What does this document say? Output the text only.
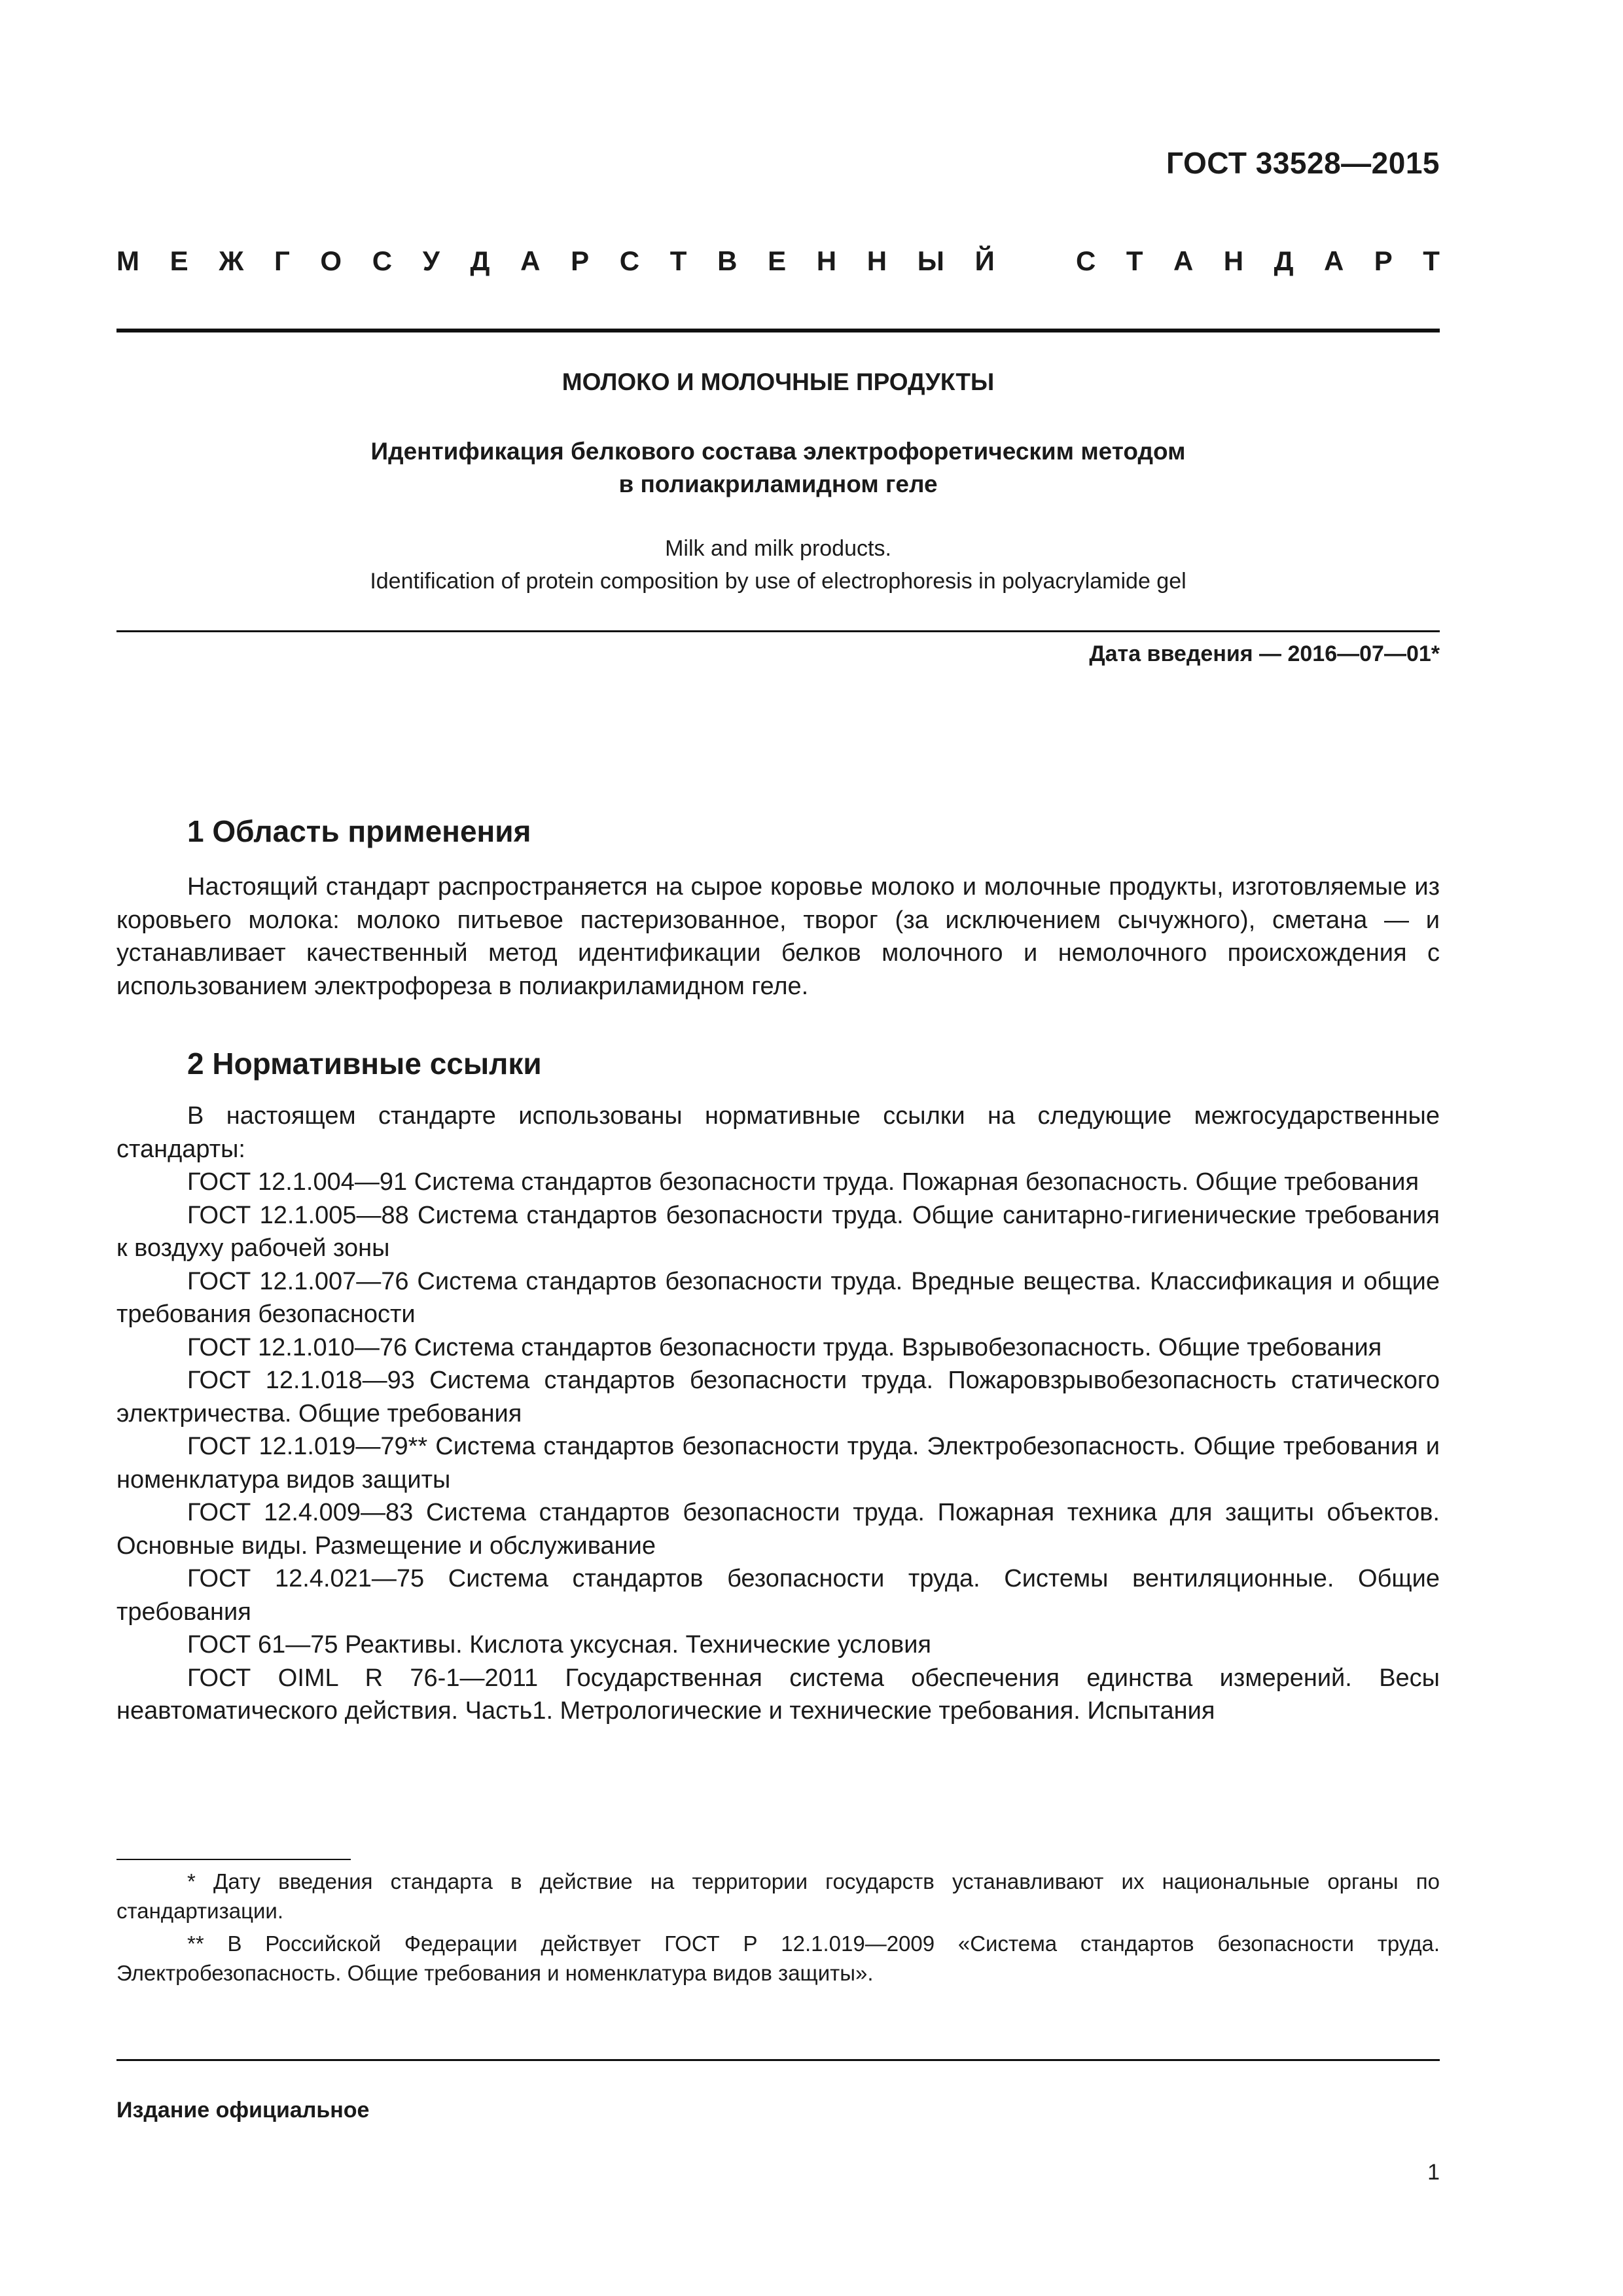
ГОСТ 33528—2015
М Е Ж Г О С У Д А Р С Т В Е Н Н Ы Й	С Т А Н Д А Р Т
МОЛОКО И МОЛОЧНЫЕ ПРОДУКТЫ
Идентификация белкового состава электрофоретическим методом
в полиакриламидном геле
Milk and milk products.
Identification of protein composition by use of electrophoresis in polyacrylamide gel
Дата введения — 2016—07—01*
1 Область применения
Настоящий стандарт распространяется на сырое коровье молоко и молочные продукты, изготовляемые из коровьего молока: молоко питьевое пастеризованное, творог (за исключением сычужного), сметана — и устанавливает качественный метод идентификации белков молочного и немолочного происхождения с использованием электрофореза в полиакриламидном геле.
2 Нормативные ссылки

В настоящем стандарте использованы нормативные ссылки на следующие межгосударственные стандарты:

ГОСТ 12.1.004—91 Система стандартов безопасности труда. Пожарная безопасность. Общие требования

ГОСТ 12.1.005—88 Система стандартов безопасности труда. Общие санитарно-гигиенические требования к воздуху рабочей зоны

ГОСТ 12.1.007—76 Система стандартов безопасности труда. Вредные вещества. Классификация и общие требования безопасности

ГОСТ 12.1.010—76 Система стандартов безопасности труда. Взрывобезопасность. Общие требования

ГОСТ 12.1.018—93 Система стандартов безопасности труда. Пожаровзрывобезопасность статического электричества. Общие требования

ГОСТ 12.1.019—79** Система стандартов безопасности труда. Электробезопасность. Общие требования и номенклатура видов защиты

ГОСТ 12.4.009—83 Система стандартов безопасности труда. Пожарная техника для защиты объектов. Основные виды. Размещение и обслуживание

ГОСТ 12.4.021—75 Система стандартов безопасности труда. Системы вентиляционные. Общие требования

ГОСТ 61—75 Реактивы. Кислота уксусная. Технические условия

ГОСТ OIML R 76-1—2011 Государственная система обеспечения единства измерений. Весы неавтоматического действия. Часть1. Метрологические и технические требования. Испытания

* Дату введения стандарта в действие на территории государств устанавливают их национальные органы по стандартизации.

** В Российской Федерации действует ГОСТ Р 12.1.019—2009 «Система стандартов безопасности труда. Электробезопасность. Общие требования и номенклатура видов защиты».

Издание официальное
1
